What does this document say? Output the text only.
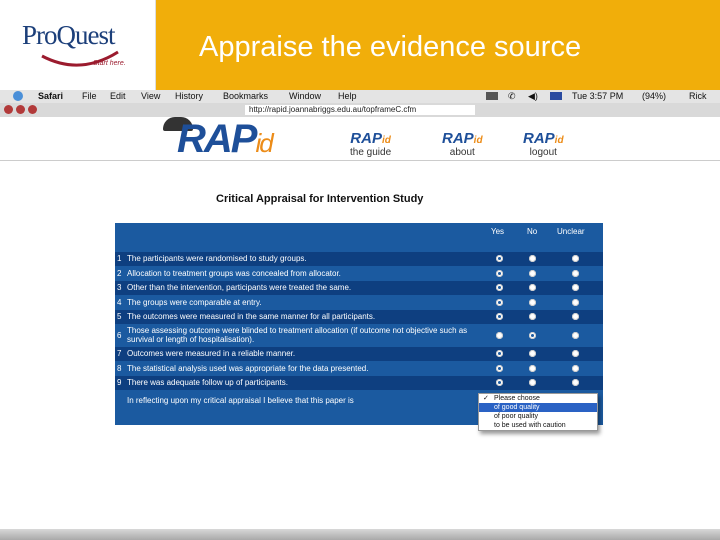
ProQuest
Start here.
Appraise the evidence source
Safari File Edit View History Bookmarks Window Help	✆ ◀)	Tue 3:57 PM (94%)	Rick
http://rapid.joannabriggs.edu.au/topframeC.cfm
RAPid	RAPid
the guide
RAPid
about
RAPid
logout
Critical Appraisal for Intervention Study
Yes	No Unclear
1 The participants were randomised to study groups.
2 Allocation to treatment groups was concealed from allocator.
3 Other than the intervention, participants were treated the same.
4 The groups were comparable at entry.
5 The outcomes were measured in the same manner for all participants.
6
Those assessing outcome were blinded to treatment allocation (if outcome not objective such as survival or length of hospitalisation).
7 Outcomes were measured in a reliable manner.
8 The statistical analysis used was appropriate for the data presented.
9 There was adequate follow up of participants.
In reflecting upon my critical appraisal I believe that this paper is	✓ Please choose
of good quality
of poor quality
to be used with caution
